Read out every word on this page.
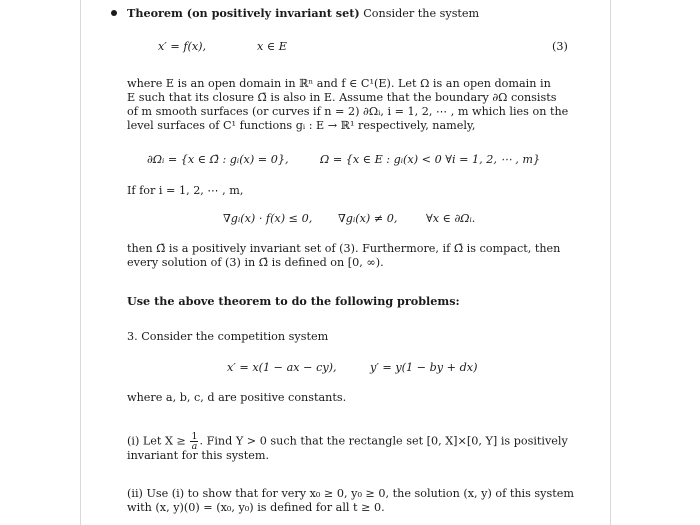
Theorem (on positively invariant set) Consider the system
x′ = f(x),	x ∈ E	(3)
where E is an open domain in ℝⁿ and f ∈ C¹(E). Let Ω is an open domain in
E such that its closure Ω̄ is also in E. Assume that the boundary ∂Ω consists
of m smooth surfaces (or curves if n = 2) ∂Ωᵢ, i = 1, 2, ⋯ , m which lies on the
level surfaces of C¹ functions gᵢ : E → ℝ¹ respectively, namely,
∂Ωᵢ = {x ∈ Ω̄ : gᵢ(x) = 0},	Ω = {x ∈ E : gᵢ(x) < 0 ∀i = 1, 2, ⋯ , m}
If for i = 1, 2, ⋯ , m,
∇gᵢ(x) · f(x) ≤ 0, ∇gᵢ(x) ≠ 0,	∀x ∈ ∂Ωᵢ.
then Ω̄ is a positively invariant set of (3). Furthermore, if Ω̄ is compact, then
every solution of (3) in Ω̄ is defined on [0, ∞).
Use the above theorem to do the following problems:
3. Consider the competition system
x′ = x(1 − ax − cy),	y′ = y(1 − by + dx)
where a, b, c, d are positive constants.
(i) Let $X \ge \frac{1}{a}$ . Find Y > 0 such that the rectangle set [0, X]×[0, Y] is positively
invariant for this system.
(ii) Use (i) to show that for very x₀ ≥ 0, y₀ ≥ 0, the solution (x, y) of this system
with (x, y)(0) = (x₀, y₀) is defined for all t ≥ 0.
